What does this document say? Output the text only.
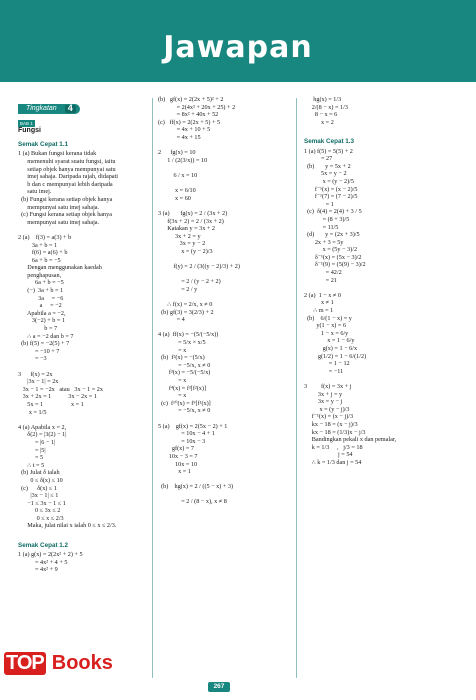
Jawapan
Tingkatan	4
BAB 1
Fungsi
Semak Cepat 1.1
1 (a) Bukan fungsi kerana tidak
memenuhi syarat suatu fungsi, iaitu
setiap objek hanya mempunyai satu
imej sahaja. Daripada rajah, didapati
b dan c mempunyai lebih daripada
satu imej.
(b) Fungsi kerana setiap objek hanya
mempunyai satu imej sahaja.
(c) Fungsi kerana setiap objek hanya
mempunyai satu imej sahaja.
2 (a)    f(3) = a(3) + b
3a + b = 1
f(6) = a(6) + b
6a + b = −5
Dengan menggunakan kaedah
penghapusan,
6a + b = −5
(−)  3a + b = 1
3a     = −6
a     = −2
Apabila a = −2,
3(−2) + b = 1
b = 7
∴ a = −2 dan b = 7
(b) f(5) = −2(5) + 7
= −10 + 7
= −3
3      f(x) = 2x
|3x − 1| = 2x
3x − 1 = −2x   atau   3x − 1 = 2x
3x + 2x = 1           3x − 2x = 1
5x = 1                  x = 1
x = 1/5
4 (a) Apabila x = 2,
δ(2) = |3(2) − 1|
= |6 − 1|
= |5|
= 5
∴ t = 5
(b) Julat δ ialah
0 ≤ δ(x) ≤ 10
(c)      δ(x) ≤ 1
|3x − 1| ≤ 1
−1 ≤ 3x − 1 ≤ 1
0 ≤ 3x ≤ 2
0 ≤ x ≤ 2/3
Maka, julat nilai x ialah 0 ≤ x ≤ 2/3.
Semak Cepat 1.2
1 (a) g(x) = 2(2x² + 2) + 5
= 4x² + 4 + 5
= 4x² + 9
(b)   gf(x) = 2(2x + 5)² + 2
= 2(4x² + 20x + 25) + 2
= 8x² + 40x + 52
(c)   ff(x) = 2(2x + 5) + 5
= 4x + 10 + 5
= 4x + 15
2      fg(x) = 10
1 / (2(3/x)) = 10
6 / x = 10
x = 6/10
x = 60
3 (a)       fg(x) = 2 / (3x + 2)
f(3x + 2) = 2 / (3x + 2)
Katakan y = 3x + 2
3x + 2 = y
3x = y − 2
x = (y − 2)/3
f(y) = 2 / (3((y − 2)/3) + 2)
= 2 / (y − 2 + 2)
= 2 / y
∴ f(x) = 2/x, x ≠ 0
(b) gf(3) = 3(2/3) + 2
= 4
4 (a)  ff(x) = −(5/(−5/x))
= 5/x × x/5
= x
(b)  f²(x) = −(5/x)
= −5/x, x ≠ 0
f³(x) = −5/(−5/x)
= x
f⁴(x) = f³[f²(x)]
= x
(c)  f¹⁰(x) = f⁹[f¹(x)]
= −5/x, x ≠ 0
5 (a)    gf(x) = 2(5x − 2) + 1
= 10x − 4 + 1
= 10x − 3
gf(x) = 7
10x − 3 = 7
10x = 10
x = 1
(b)    hg(x) = 2 / ((5 − x) + 3)
= 2 / (8 − x), x ≠ 8
hg(x) = 1/3
2/(8 − x) = 1/3
8 − x = 6
x = 2
Semak Cepat 1.3
1 (a) f(5) = 5(5) + 2
= 27
(b)       y = 5x + 2
5x = y − 2
x = (y − 2)/5
f⁻¹(x) = (x − 2)/5
f⁻¹(7) = (7 − 2)/5
= 1
(c)  δ(4) = 2(4) + 3 / 5
= (8 + 3)/5
= 11/5
(d)       y = (2x + 3)/5
2x + 3 = 5y
x = (5y − 3)/2
δ⁻¹(x) = (5x − 3)/2
δ⁻¹(9) = (5(9) − 3)/2
= 42/2
= 21
2 (a)  1 − x ≠ 0
x ≠ 1
∴ m = 1
(b)    6/(1 − x) = y
y(1 − x) = 6
1 − x = 6/y
x = 1 − 6/y
g(x) = 1 − 6/x
g(1/2) = 1 − 6/(1/2)
= 1 − 12
= −11
3         f(x) = 3x + j
3x + j = y
3x = y − j
x = (y − j)/3
f⁻¹(x) = (x − j)/3
kx − 18 = (x − j)/3
kx − 18 = (1/3)x − j/3
Bandingkan pekali x dan pemalar,
k = 1/3     ,   j/3 = 18
j = 54
∴ k = 1/3 dan j = 54
TOP Books
267
